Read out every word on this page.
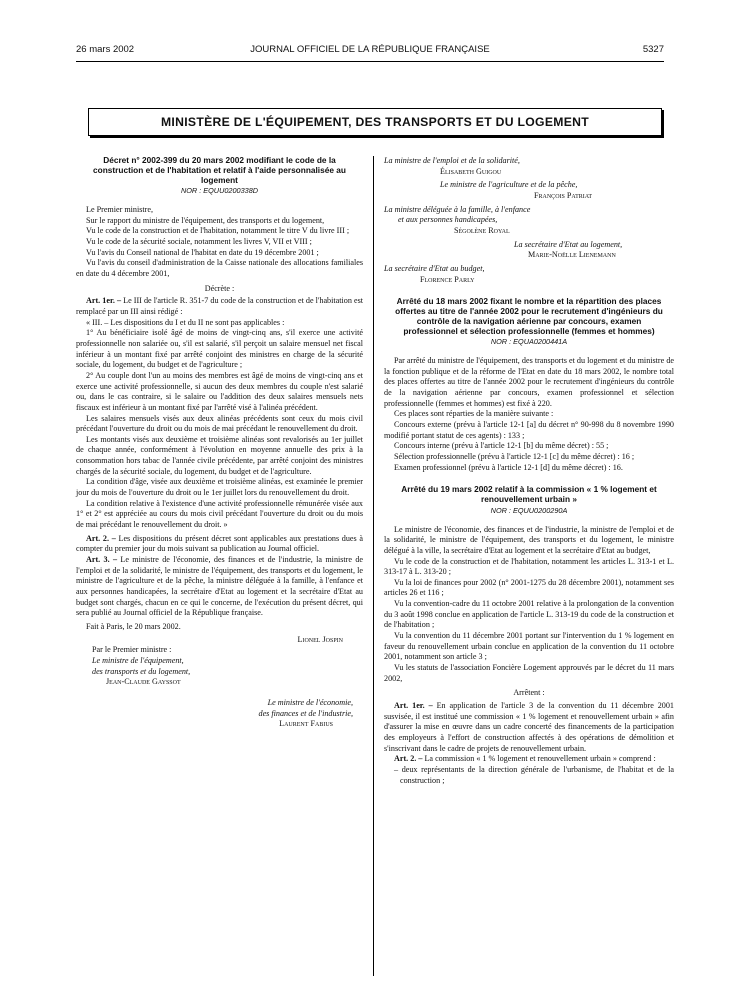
26 mars 2002	JOURNAL OFFICIEL DE LA RÉPUBLIQUE FRANÇAISE	5327
MINISTÈRE DE L'ÉQUIPEMENT, DES TRANSPORTS ET DU LOGEMENT
Décret n° 2002-399 du 20 mars 2002 modifiant le code de la construction et de l'habitation et relatif à l'aide personnalisée au logement
NOR : EQUU0200338D

Le Premier ministre,

Sur le rapport du ministre de l'équipement, des transports et du logement,

Vu le code de la construction et de l'habitation, notamment le titre V du livre III ;

Vu le code de la sécurité sociale, notamment les livres V, VII et VIII ;

Vu l'avis du Conseil national de l'habitat en date du 19 décembre 2001 ;

Vu l'avis du conseil d'administration de la Caisse nationale des allocations familiales en date du 4 décembre 2001,

Décrète :

Art. 1er. – Le III de l'article R. 351-7 du code de la construction et de l'habitation est remplacé par un III ainsi rédigé :

« III. – Les dispositions du I et du II ne sont pas applicables :

1° Au bénéficiaire isolé âgé de moins de vingt-cinq ans, s'il exerce une activité professionnelle non salariée ou, s'il est salarié, s'il perçoit un salaire mensuel net fiscal inférieur à un montant fixé par arrêté conjoint des ministres en charge de la sécurité sociale, du logement, du budget et de l'agriculture ;

2° Au couple dont l'un au moins des membres est âgé de moins de vingt-cinq ans et exerce une activité professionnelle, si aucun des deux membres du couple n'est salarié ou, dans le cas contraire, si le salaire ou l'addition des deux salaires mensuels nets fiscaux est inférieur à un montant fixé par l'arrêté visé à l'alinéa précédent.

Les salaires mensuels visés aux deux alinéas précédents sont ceux du mois civil précédant l'ouverture du droit ou du mois de mai précédant le renouvellement du droit.

Les montants visés aux deuxième et troisième alinéas sont revalorisés au 1er juillet de chaque année, conformément à l'évolution en moyenne annuelle des prix à la consommation hors tabac de l'année civile précédente, par arrêté conjoint des ministres chargés de la sécurité sociale, du logement, du budget et de l'agriculture.

La condition d'âge, visée aux deuxième et troisième alinéas, est examinée le premier jour du mois de l'ouverture du droit ou le 1er juillet lors du renouvellement du droit.

La condition relative à l'existence d'une activité professionnelle rémunérée visée aux 1° et 2° est appréciée au cours du mois civil précédant l'ouverture du droit ou du mois de mai précédant le renouvellement du droit. »

Art. 2. – Les dispositions du présent décret sont applicables aux prestations dues à compter du premier jour du mois suivant sa publication au Journal officiel.

Art. 3. – Le ministre de l'économie, des finances et de l'industrie, la ministre de l'emploi et de la solidarité, le ministre de l'équipement, des transports et du logement, le ministre de l'agriculture et de la pêche, la ministre déléguée à la famille, à l'enfance et aux personnes handicapées, la secrétaire d'Etat au logement et la secrétaire d'Etat au budget sont chargés, chacun en ce qui le concerne, de l'exécution du présent décret, qui sera publié au Journal officiel de la République française.

Fait à Paris, le 20 mars 2002.

Lionel Jospin

Par le Premier ministre :

Le ministre de l'équipement,

des transports et du logement,

Jean-Claude Gayssot

Le ministre de l'économie,

des finances et de l'industrie,

Laurent Fabius

La ministre de l'emploi et de la solidarité,

Élisabeth Guigou

Le ministre de l'agriculture et de la pêche,

François Patriat

La ministre déléguée à la famille, à l'enfance

et aux personnes handicapées,

Ségolène Royal

La secrétaire d'Etat au logement,

Marie-Noëlle Lienemann

La secrétaire d'Etat au budget,

Florence Parly

Arrêté du 18 mars 2002 fixant le nombre et la répartition des places offertes au titre de l'année 2002 pour le recrutement d'ingénieurs du contrôle de la navigation aérienne par concours, examen professionnel et sélection professionnelle (femmes et hommes)
NOR : EQUA0200441A

Par arrêté du ministre de l'équipement, des transports et du logement et du ministre de la fonction publique et de la réforme de l'Etat en date du 18 mars 2002, le nombre total des places offertes au titre de l'année 2002 pour le recrutement d'ingénieurs du contrôle de la navigation aérienne par concours, examen professionnel et sélection professionnelle (femmes et hommes) est fixé à 220.

Ces places sont réparties de la manière suivante :

Concours externe (prévu à l'article 12-1 [a] du décret n° 90-998 du 8 novembre 1990 modifié portant statut de ces agents) : 133 ;

Concours interne (prévu à l'article 12-1 [b] du même décret) : 55 ;

Sélection professionnelle (prévu à l'article 12-1 [c] du même décret) : 16 ;

Examen professionnel (prévu à l'article 12-1 [d] du même décret) : 16.

Arrêté du 19 mars 2002 relatif à la commission « 1 % logement et renouvellement urbain »
NOR : EQUU0200290A

Le ministre de l'économie, des finances et de l'industrie, la ministre de l'emploi et de la solidarité, le ministre de l'équipement, des transports et du logement, le ministre délégué à la ville, la secrétaire d'Etat au logement et la secrétaire d'Etat au budget,

Vu le code de la construction et de l'habitation, notamment les articles L. 313-1 et L. 313-17 à L. 313-20 ;

Vu la loi de finances pour 2002 (n° 2001-1275 du 28 décembre 2001), notamment ses articles 26 et 116 ;

Vu la convention-cadre du 11 octobre 2001 relative à la prolongation de la convention du 3 août 1998 conclue en application de l'article L. 313-19 du code de la construction et de l'habitation ;

Vu la convention du 11 décembre 2001 portant sur l'intervention du 1 % logement en faveur du renouvellement urbain conclue en application de la convention du 11 octobre 2001, notamment son article 3 ;

Vu les statuts de l'association Foncière Logement approuvés par le décret du 11 mars 2002,

Arrêtent :

Art. 1er. – En application de l'article 3 de la convention du 11 décembre 2001 susvisée, il est institué une commission « 1 % logement et renouvellement urbain » afin d'assurer la mise en œuvre dans un cadre concerté des financements de la participation des employeurs à l'effort de construction affectés à des opérations de démolition et s'inscrivant dans le cadre de projets de renouvellement urbain.

Art. 2. – La commission « 1 % logement et renouvellement urbain » comprend :

– deux représentants de la direction générale de l'urbanisme, de l'habitat et de la construction ;
